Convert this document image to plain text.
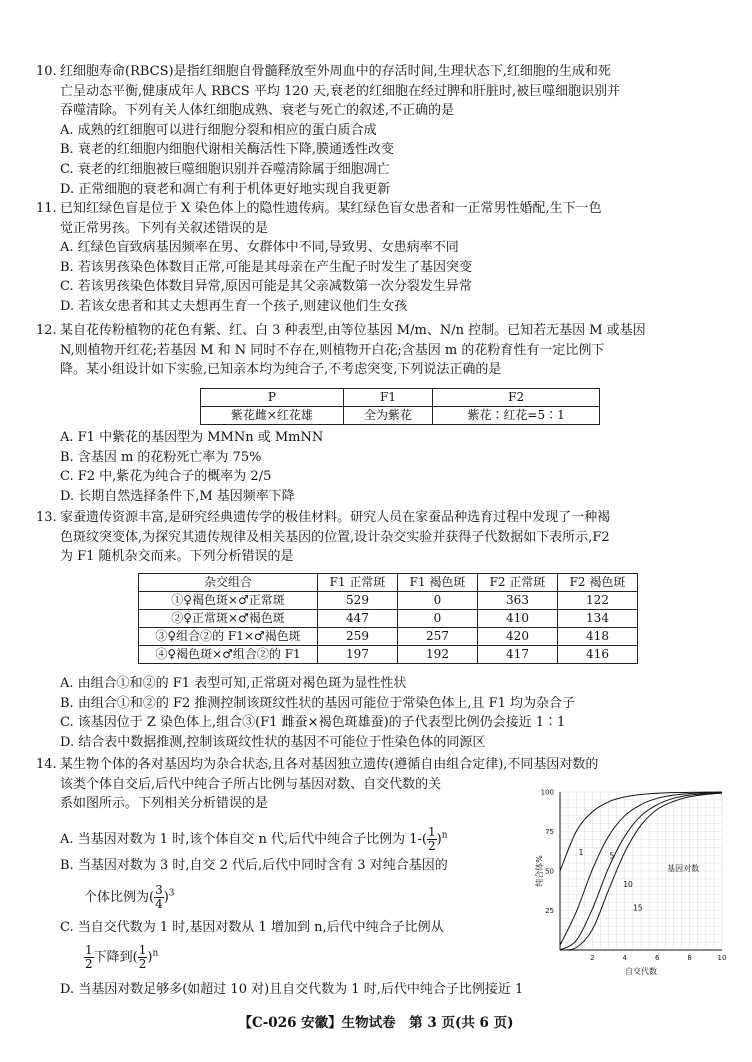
10. 红细胞寿命(RBCS)是指红细胞自骨髓释放至外周血中的存活时间,生理状态下,红细胞的生成和死
亡呈动态平衡,健康成年人 RBCS 平均 120 天,衰老的红细胞在经过脾和肝脏时,被巨噬细胞识别并
吞噬清除。下列有关人体红细胞成熟、衰老与死亡的叙述,不正确的是
A. 成熟的红细胞可以进行细胞分裂和相应的蛋白质合成
B. 衰老的红细胞内细胞代谢相关酶活性下降,膜通透性改变
C. 衰老的红细胞被巨噬细胞识别并吞噬清除属于细胞凋亡
D. 正常细胞的衰老和凋亡有利于机体更好地实现自我更新
11. 已知红绿色盲是位于 X 染色体上的隐性遗传病。某红绿色盲女患者和一正常男性婚配,生下一色
觉正常男孩。下列有关叙述错误的是
A. 红绿色盲致病基因频率在男、女群体中不同,导致男、女患病率不同
B. 若该男孩染色体数目正常,可能是其母亲在产生配子时发生了基因突变
C. 若该男孩染色体数目异常,原因可能是其父亲减数第一次分裂发生异常
D. 若该女患者和其丈夫想再生育一个孩子,则建议他们生女孩
12. 某自花传粉植物的花色有紫、红、白 3 种表型,由等位基因 M/m、N/n 控制。已知若无基因 M 或基因
N,则植物开红花;若基因 M 和 N 同时不存在,则植物开白花;含基因 m 的花粉育性有一定比例下
降。某小组设计如下实验,已知亲本均为纯合子,不考虑突变,下列说法正确的是
P	F1	F2
紫花雌×红花雄	全为紫花	紫花∶红花=5∶1
A. F1 中紫花的基因型为 MMNn 或 MmNN
B. 含基因 m 的花粉死亡率为 75%
C. F2 中,紫花为纯合子的概率为 2/5
D. 长期自然选择条件下,M 基因频率下降
13. 家蚕遗传资源丰富,是研究经典遗传学的极佳材料。研究人员在家蚕品种选育过程中发现了一种褐
色斑纹突变体,为探究其遗传规律及相关基因的位置,设计杂交实验并获得子代数据如下表所示,F2
为 F1 随机杂交而来。下列分析错误的是
杂交组合	F1 正常斑	F1 褐色斑	F2 正常斑	F2 褐色斑
①♀褐色斑×♂正常斑	529	0	363	122
②♀正常斑×♂褐色斑	447	0	410	134
③♀组合②的 F1×♂褐色斑	259	257	420	418
④♀褐色斑×♂组合②的 F1	197	192	417	416
A. 由组合①和②的 F1 表型可知,正常斑对褐色斑为显性性状
B. 由组合①和②的 F2 推测控制该斑纹性状的基因可能位于常染色体上,且 F1 均为杂合子
C. 该基因位于 Z 染色体上,组合③(F1 雌蚕×褐色斑雄蚕)的子代表型比例仍会接近 1∶1
D. 结合表中数据推测,控制该斑纹性状的基因不可能位于性染色体的同源区
14. 某生物个体的各对基因均为杂合状态,且各对基因独立遗传(遵循自由组合定律),不同基因对数的
该类个体自交后,后代中纯合子所占比例与基因对数、自交代数的关
系如图所示。下列相关分析错误的是
A. 当基因对数为 1 时,该个体自交 n 代,后代中纯合子比例为 $1-( \frac{1}{2} )^n$
B. 当基因对数为 3 时,自交 2 代后,后代中同时含有 3 对纯合基因的
个体比例为( $\frac{3}{4} )^3$
C. 当自交代数为 1 时,基因对数从 1 增加到 n,后代中纯合子比例从
$\frac{1}{2}$ 下降到( $\frac{1}{2} )^n$
D. 当基因对数足够多(如超过 10 对)且自交代数为 1 时,后代中纯合子比例接近 1
2	4	6	8	10
25
50
75
100
自交代数
纯合体%	基因对数
1	5
10
15
【C-026 安徽】生物试卷　第 3 页(共 6 页)
